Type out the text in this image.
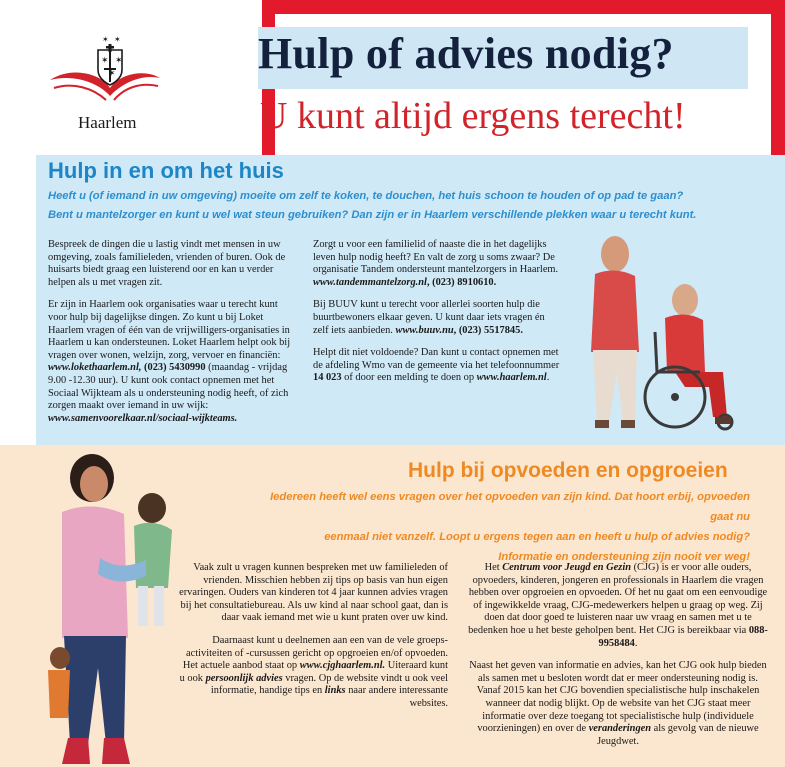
✶ ✶
✶
✶ ✶
Haarlem
Hulp of advies nodig?
U kunt altijd ergens terecht!
Hulp in en om het huis
Heeft u (of iemand in uw omgeving) moeite om zelf te koken, te douchen, het huis schoon te houden of op pad te gaan?
Bent u mantelzorger en kunt u wel wat steun gebruiken? Dan zijn er in Haarlem verschillende plekken waar u terecht kunt.

Bespreek de dingen die u lastig vindt met mensen in uw omgeving, zoals familieleden, vrienden of buren. Ook de huisarts biedt graag een luisterend oor en kan u verder helpen als u met vragen zit.

Er zijn in Haarlem ook organisaties waar u terecht kunt voor hulp bij dagelijkse dingen. Zo kunt u bij Loket Haarlem vragen of één van de vrijwilligers-organisaties in Haarlem u kan ondersteunen. Loket Haarlem helpt ook bij vragen over wonen, welzijn, zorg, vervoer en financiën: www.lokethaarlem.nl, (023) 5430990 (maandag - vrijdag 9.00 -12.30 uur). U kunt ook contact opnemen met het Sociaal Wijkteam als u ondersteuning nodig heeft, of zich zorgen maakt over iemand in uw wijk: www.samenvoorelkaar.nl/sociaal-wijkteams.

Zorgt u voor een familielid of naaste die in het dagelijks leven hulp nodig heeft? En valt de zorg u soms zwaar? De organisatie Tandem ondersteunt mantelzorgers in Haarlem. www.tandemmantelzorg.nl, (023) 8910610.

Bij BUUV kunt u terecht voor allerlei soorten hulp die buurtbewoners elkaar geven. U kunt daar iets vragen én zelf iets aanbieden. www.buuv.nu, (023) 5517845.

Helpt dit niet voldoende? Dan kunt u contact opnemen met de afdeling Wmo van de gemeente via het telefoonnummer 14 023 of door een melding te doen op www.haarlem.nl.

Hulp bij opvoeden en opgroeien
Iedereen heeft wel eens vragen over het opvoeden van zijn kind. Dat hoort erbij, opvoeden gaat nu
eenmaal niet vanzelf. Loopt u ergens tegen aan en heeft u hulp of advies nodig?
Informatie en ondersteuning zijn nooit ver weg!

Vaak zult u vragen kunnen bespreken met uw familieleden of vrienden. Misschien hebben zij tips op basis van hun eigen ervaringen. Ouders van kinderen tot 4 jaar kunnen advies vragen bij het consultatiebureau. Als uw kind al naar school gaat, dan is daar vaak iemand met wie u kunt praten over uw kind.

Daarnaast kunt u deelnemen aan een van de vele groeps-activiteiten of -cursussen gericht op opgroeien en/of opvoeden. Het actuele aanbod staat op www.cjghaarlem.nl. Uiteraard kunt u ook persoonlijk advies vragen. Op de website vindt u ook veel informatie, handige tips en links naar andere interessante websites.

Het Centrum voor Jeugd en Gezin (CJG) is er voor alle ouders, opvoeders, kinderen, jongeren en professionals in Haarlem die vragen hebben over opgroeien en opvoeden. Of het nu gaat om een eenvoudige of ingewikkelde vraag, CJG-medewerkers helpen u graag op weg. Zij doen dat door goed te luisteren naar uw vraag en samen met u te bedenken hoe u het beste geholpen bent. Het CJG is bereikbaar via 088-9958484.

Naast het geven van informatie en advies, kan het CJG ook hulp bieden als samen met u besloten wordt dat er meer ondersteuning nodig is. Vanaf 2015 kan het CJG bovendien specialistische hulp inschakelen wanneer dat nodig blijkt. Op de website van het CJG staat meer informatie over deze toegang tot specialistische hulp (individuele voorzieningen) en over de veranderingen als gevolg van de nieuwe Jeugdwet.
